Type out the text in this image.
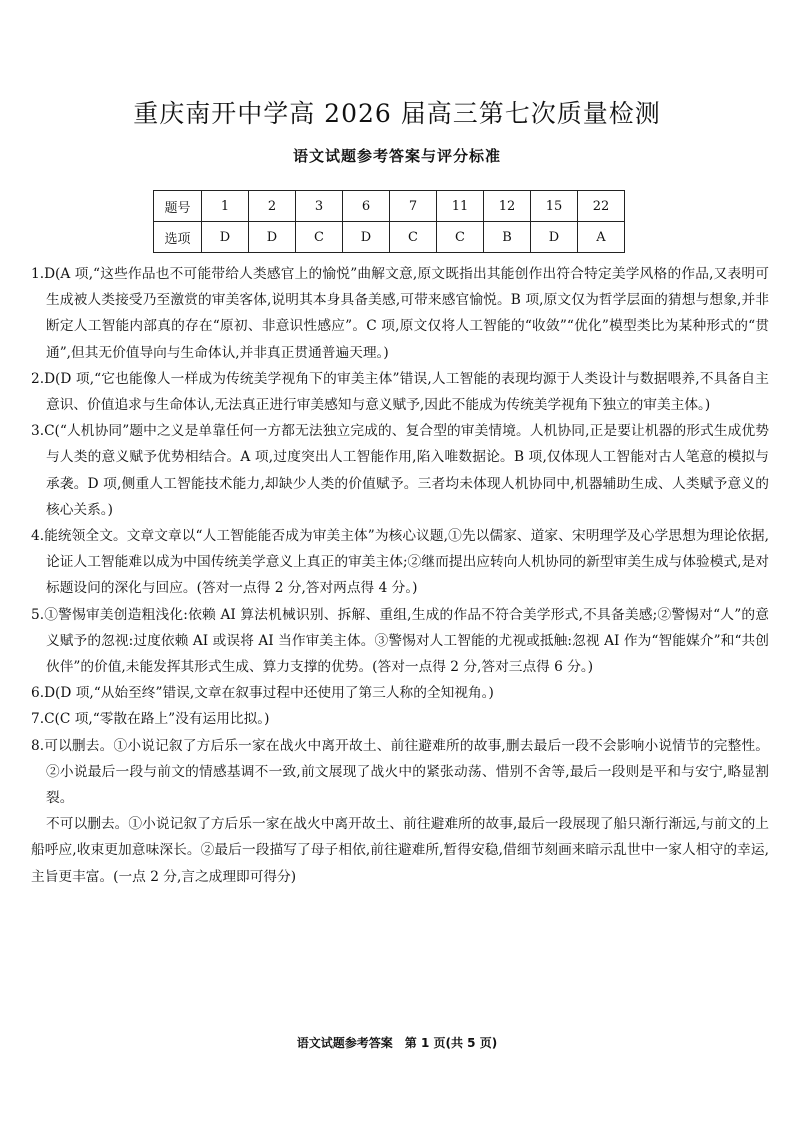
重庆南开中学高 2026 届高三第七次质量检测
语文试题参考答案与评分标准
题号	1	2	3	6	7	11	12	15	22
选项	D	D	C	D	C	C	B	D	A

1.D(A 项,“这些作品也不可能带给人类感官上的愉悦”曲解文意,原文既指出其能创作出符合特定美学风格的作品,又表明可生成被人类接受乃至激赏的审美客体,说明其本身具备美感,可带来感官愉悦。B 项,原文仅为哲学层面的猜想与想象,并非断定人工智能内部真的存在“原初、非意识性感应”。C 项,原文仅将人工智能的“收敛”“优化”模型类比为某种形式的“贯通”,但其无价值导向与生命体认,并非真正贯通普遍天理。)

2.D(D 项,“它也能像人一样成为传统美学视角下的审美主体”错误,人工智能的表现均源于人类设计与数据喂养,不具备自主意识、价值追求与生命体认,无法真正进行审美感知与意义赋予,因此不能成为传统美学视角下独立的审美主体。)

3.C(“人机协同”题中之义是单靠任何一方都无法独立完成的、复合型的审美情境。人机协同,正是要让机器的形式生成优势与人类的意义赋予优势相结合。A 项,过度突出人工智能作用,陷入唯数据论。B 项,仅体现人工智能对古人笔意的模拟与承袭。D 项,侧重人工智能技术能力,却缺少人类的价值赋予。三者均未体现人机协同中,机器辅助生成、人类赋予意义的核心关系。)

4.能统领全文。文章文章以“人工智能能否成为审美主体”为核心议题,①先以儒家、道家、宋明理学及心学思想为理论依据,论证人工智能难以成为中国传统美学意义上真正的审美主体;②继而提出应转向人机协同的新型审美生成与体验模式,是对标题设问的深化与回应。(答对一点得 2 分,答对两点得 4 分。)

5.①警惕审美创造粗浅化:依赖 AI 算法机械识别、拆解、重组,生成的作品不符合美学形式,不具备美感;②警惕对“人”的意义赋予的忽视:过度依赖 AI 或误将 AI 当作审美主体。③警惕对人工智能的尤视或抵触:忽视 AI 作为“智能媒介”和“共创伙伴”的价值,未能发挥其形式生成、算力支撑的优势。(答对一点得 2 分,答对三点得 6 分。)

6.D(D 项,“从始至终”错误,文章在叙事过程中还使用了第三人称的全知视角。)

7.C(C 项,“零散在路上”没有运用比拟。)

8.可以删去。①小说记叙了方后乐一家在战火中离开故土、前往避难所的故事,删去最后一段不会影响小说情节的完整性。②小说最后一段与前文的情感基调不一致,前文展现了战火中的紧张动荡、惜别不舍等,最后一段则是平和与安宁,略显割裂。

不可以删去。①小说记叙了方后乐一家在战火中离开故土、前往避难所的故事,最后一段展现了船只渐行渐远,与前文的上船呼应,收束更加意味深长。②最后一段描写了母子相依,前往避难所,暂得安稳,借细节刻画来暗示乱世中一家人相守的幸运,主旨更丰富。(一点 2 分,言之成理即可得分)

语文试题参考答案　第 1 页(共 5 页)
